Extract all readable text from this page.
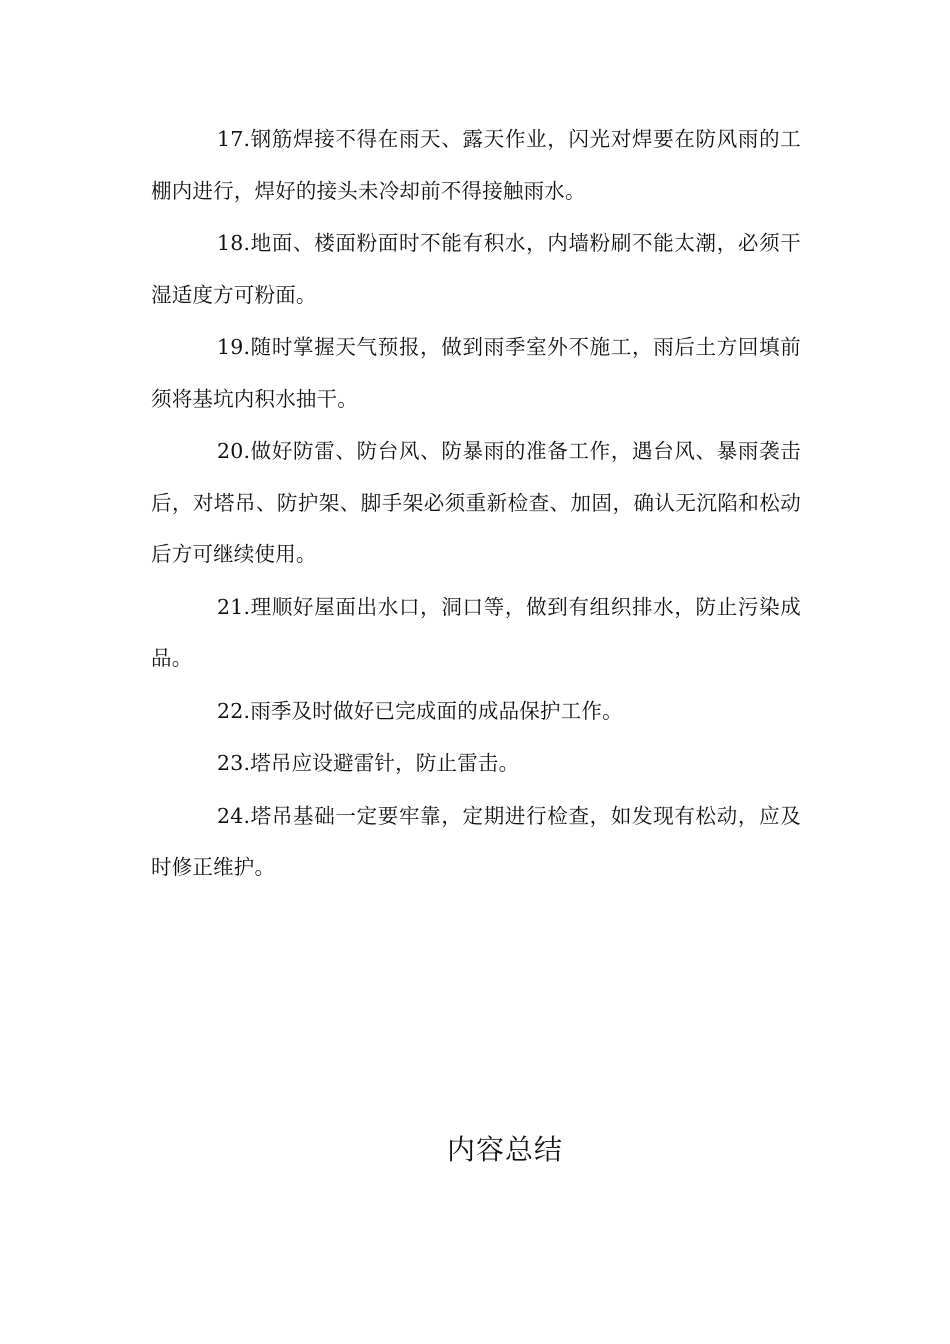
17.钢筋焊接不得在雨天、露天作业，闪光对焊要在防风雨的工棚内进行，焊好的接头未冷却前不得接触雨水。

18.地面、楼面粉面时不能有积水，内墙粉刷不能太潮，必须干湿适度方可粉面。

19.随时掌握天气预报，做到雨季室外不施工，雨后土方回填前须将基坑内积水抽干。

20.做好防雷、防台风、防暴雨的准备工作，遇台风、暴雨袭击后，对塔吊、防护架、脚手架必须重新检查、加固，确认无沉陷和松动后方可继续使用。

21.理顺好屋面出水口，洞口等，做到有组织排水，防止污染成品。

22.雨季及时做好已完成面的成品保护工作。

23.塔吊应设避雷针，防止雷击。

24.塔吊基础一定要牢靠，定期进行检查，如发现有松动，应及时修正维护。

内容总结
